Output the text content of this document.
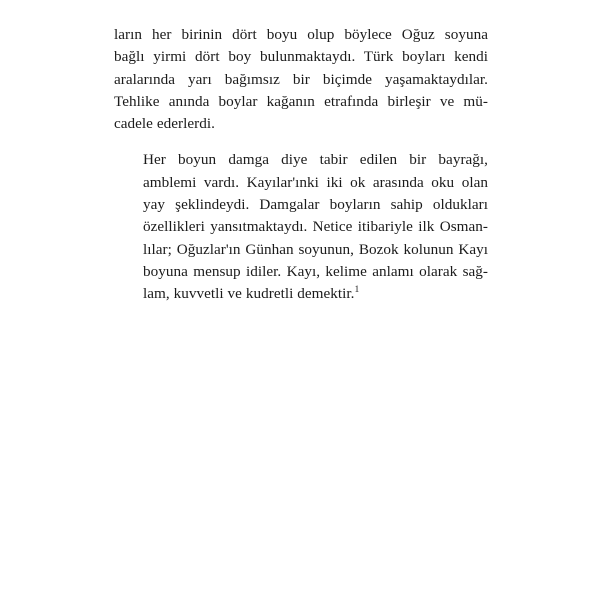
ların her birinin dört boyu olup böylece Oğuz soyuna
bağlı yirmi dört boy bulunmaktaydı. Türk boyları kendi
aralarında yarı bağımsız bir biçimde yaşamaktaydılar.
Tehlike anında boylar kağanın etrafında birleşir ve mü-
cadele ederlerdi.

Her boyun damga diye tabir edilen bir bayrağı,
amblemi vardı. Kayılar'ınki iki ok arasında oku olan
yay şeklindeydi. Damgalar boyların sahip oldukları
özellikleri yansıtmaktaydı. Netice itibariyle ilk Osman-
lılar; Oğuzlar'ın Günhan soyunun, Bozok kolunun Kayı
boyuna mensup idiler. Kayı, kelime anlamı olarak sağ-
lam, kuvvetli ve kudretli demektir.$^1$
